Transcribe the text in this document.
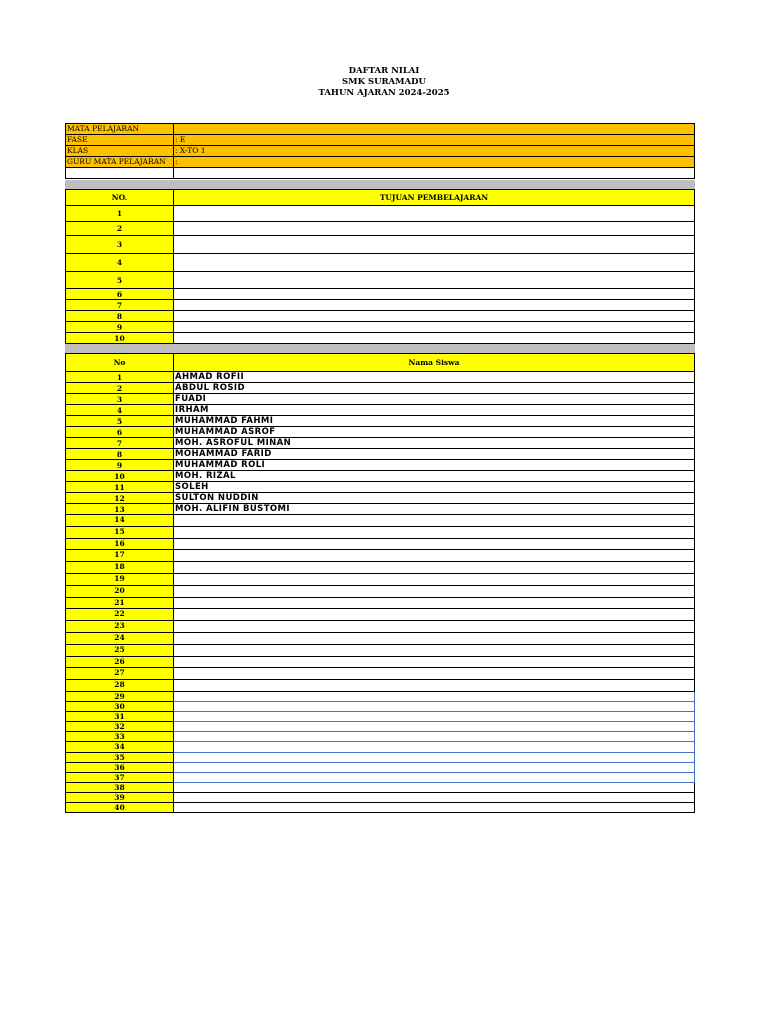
DAFTAR NILAI
SMK SURAMADU
TAHUN AJARAN 2024-2025
MATA PELAJARAN	
FASE	: E
KLAS	: X-TO 1
GURU MATA PELAJARAN	:

NO.	TUJUAN PEMBELAJARAN
1	
2	
3	
4	
5	
6	
7	
8	
9	
10	
No	Nama Siswa
1	AHMAD ROFII
2	ABDUL ROSID
3	FUADI
4	IRHAM
5	MUHAMMAD FAHMI
6	MUHAMMAD ASROF
7	MOH. ASROFUL MINAN
8	MOHAMMAD FARID
9	MUHAMMAD ROLI
10	MOH. RIZAL
11	SOLEH
12	SULTON NUDDIN
13	MOH. ALIFIN BUSTOMI
14	
15	
16	
17	
18	
19	
20	
21	
22	
23	
24	
25	
26	
27	
28	
29	
30	
31	
32	
33	
34	
35	
36	
37	
38	
39	
40	
